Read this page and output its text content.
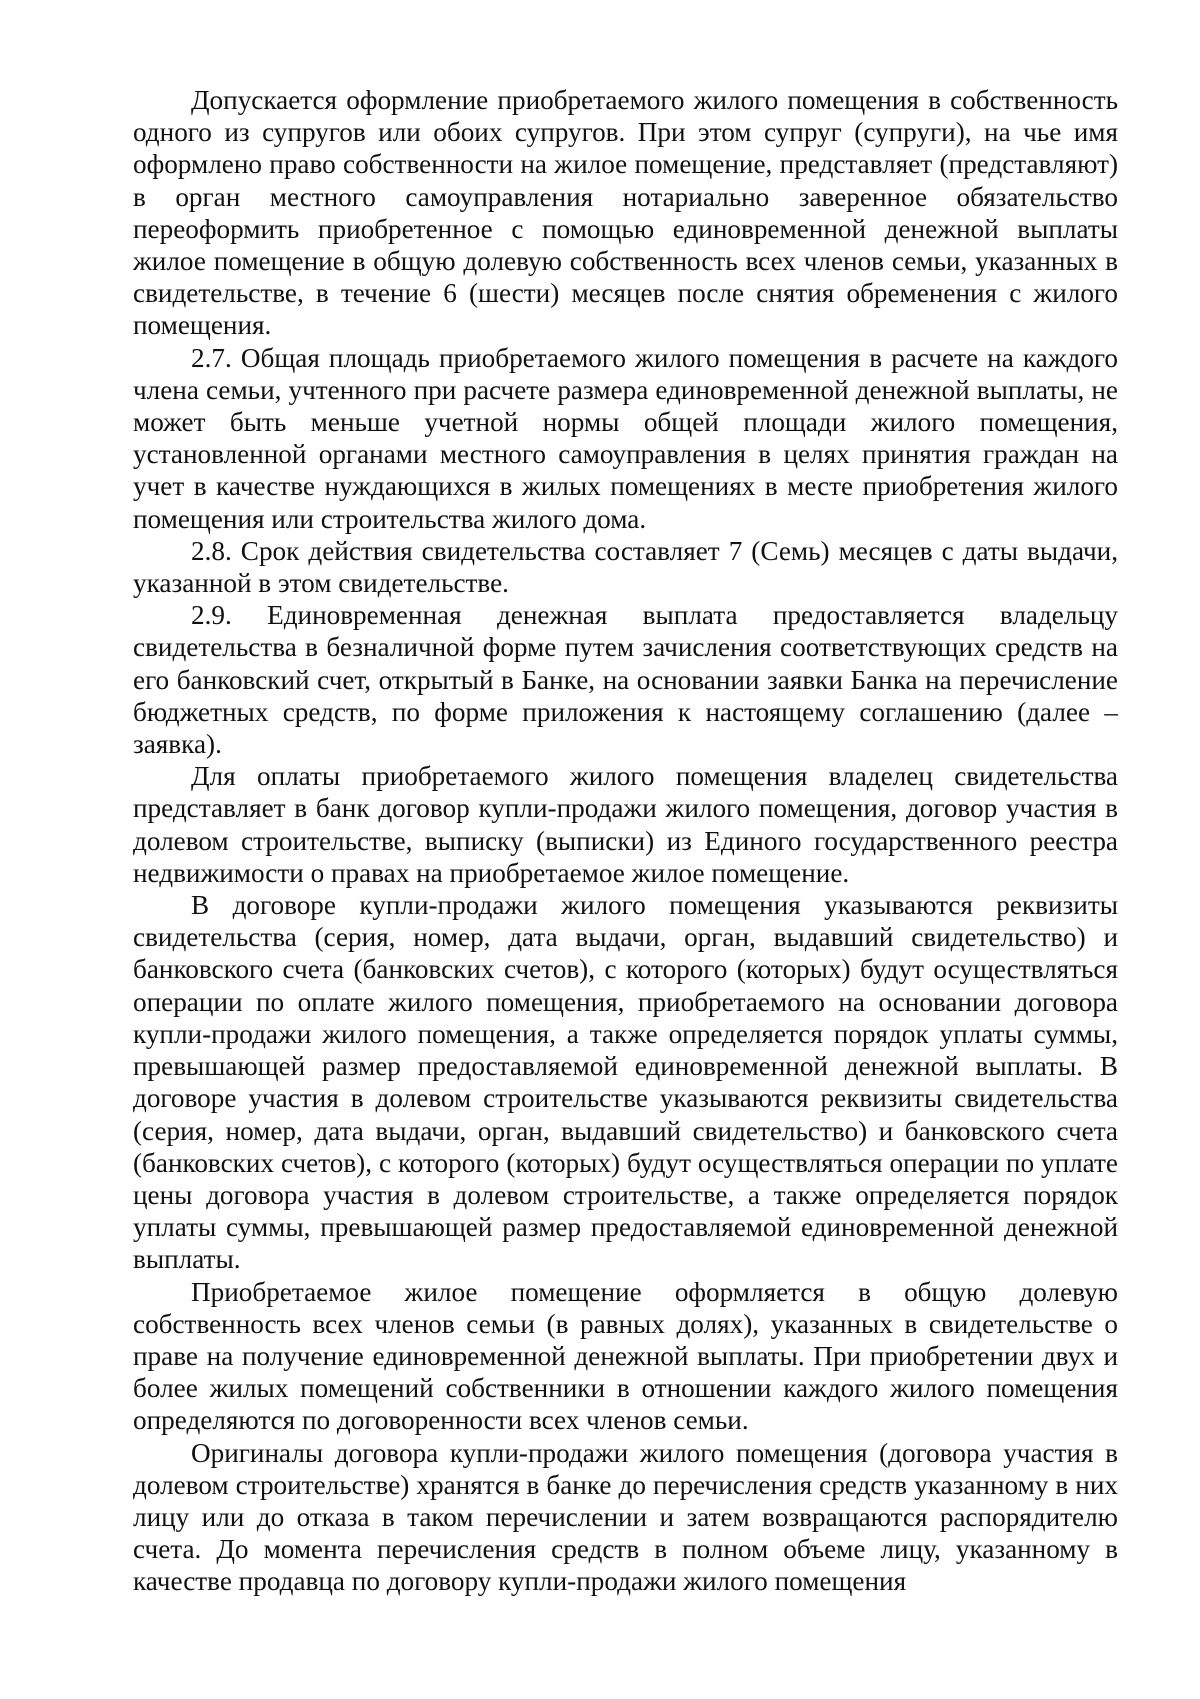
Допускается оформление приобретаемого жилого помещения в собственность одного из супругов или обоих супругов. При этом супруг (супруги), на чье имя оформлено право собственности на жилое помещение, представляет (представляют) в орган местного самоуправления нотариально заверенное обязательство переоформить приобретенное с помощью единовременной денежной выплаты жилое помещение в общую долевую собственность всех членов семьи, указанных в свидетельстве, в течение 6 (шести) месяцев после снятия обременения с жилого помещения.

2.7. Общая площадь приобретаемого жилого помещения в расчете на каждого члена семьи, учтенного при расчете размера единовременной денежной выплаты, не может быть меньше учетной нормы общей площади жилого помещения, установленной органами местного самоуправления в целях принятия граждан на учет в качестве нуждающихся в жилых помещениях в месте приобретения жилого помещения или строительства жилого дома.

2.8. Срок действия свидетельства составляет 7 (Семь) месяцев с даты выдачи, указанной в этом свидетельстве.

2.9. Единовременная денежная выплата предоставляется владельцу свидетельства в безналичной форме путем зачисления соответствующих средств на его банковский счет, открытый в Банке, на основании заявки Банка на перечисление бюджетных средств, по форме приложения к настоящему соглашению (далее – заявка).

Для оплаты приобретаемого жилого помещения владелец свидетельства представляет в банк договор купли-продажи жилого помещения, договор участия в долевом строительстве, выписку (выписки) из Единого государственного реестра недвижимости о правах на приобретаемое жилое помещение.

В договоре купли-продажи жилого помещения указываются реквизиты свидетельства (серия, номер, дата выдачи, орган, выдавший свидетельство) и банковского счета (банковских счетов), с которого (которых) будут осуществляться операции по оплате жилого помещения, приобретаемого на основании договора купли-продажи жилого помещения, а также определяется порядок уплаты суммы, превышающей размер предоставляемой единовременной денежной выплаты. В договоре участия в долевом строительстве указываются реквизиты свидетельства (серия, номер, дата выдачи, орган, выдавший свидетельство) и банковского счета (банковских счетов), с которого (которых) будут осуществляться операции по уплате цены договора участия в долевом строительстве, а также определяется порядок уплаты суммы, превышающей размер предоставляемой единовременной денежной выплаты.

Приобретаемое жилое помещение оформляется в общую долевую собственность всех членов семьи (в равных долях), указанных в свидетельстве о праве на получение единовременной денежной выплаты. При приобретении двух и более жилых помещений собственники в отношении каждого жилого помещения определяются по договоренности всех членов семьи.

Оригиналы договора купли-продажи жилого помещения (договора участия в долевом строительстве) хранятся в банке до перечисления средств указанному в них лицу или до отказа в таком перечислении и затем возвращаются распорядителю счета. До момента перечисления средств в полном объеме лицу, указанному в качестве продавца по договору купли-продажи жилого помещения
